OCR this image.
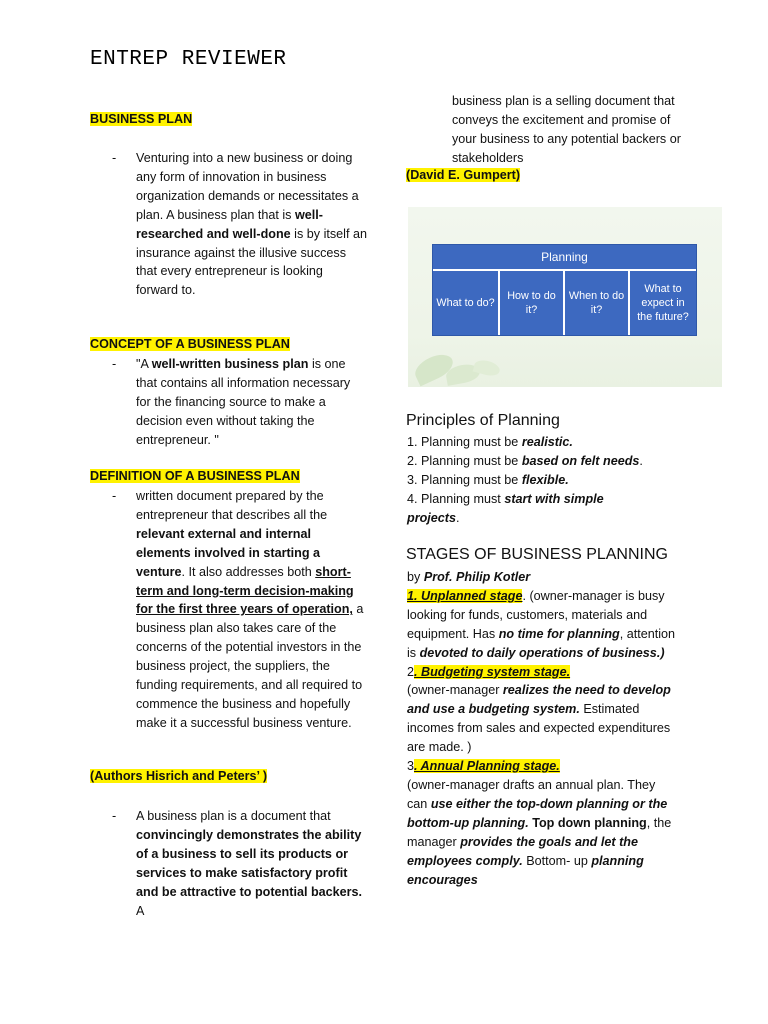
ENTREP REVIEWER
BUSINESS PLAN
- Venturing into a new business or doing any form of innovation in business organization demands or necessitates a plan. A business plan that is well-researched and well-done is by itself an insurance against the illusive success that every entrepreneur is looking forward to.
CONCEPT OF A BUSINESS PLAN
- "A well-written business plan is one that contains all information necessary for the financing source to make a decision even without taking the entrepreneur. "
DEFINITION OF A BUSINESS PLAN
- written document prepared by the entrepreneur that describes all the relevant external and internal elements involved in starting a venture. It also addresses both short-term and long-term decision-making for the first three years of operation, a business plan also takes care of the concerns of the potential investors in the business project, the suppliers, the funding requirements, and all required to commence the business and hopefully make it a successful business venture.
(Authors Hisrich and Peters’ )
- A business plan is a document that convincingly demonstrates the ability of a business to sell its products or services to make satisfactory profit and be attractive to potential backers. A
business plan is a selling document that conveys the excitement and promise of your business to any potential backers or stakeholders
(David E. Gumpert)
Planning
What to do?
How to do it?
When to do it?
What to expect in the future?
Principles of Planning
1. Planning must be realistic.
2. Planning must be based on felt needs.
3. Planning must be flexible.
4. Planning must start with simple projects.
STAGES OF BUSINESS PLANNING
by Prof. Philip Kotler
1. Unplanned stage. (owner-manager is busy looking for funds, customers, materials and equipment. Has no time for planning, attention is devoted to daily operations of business.)
2. Budgeting system stage.
(owner-manager realizes the need to develop and use a budgeting system. Estimated incomes from sales and expected expenditures are made. )
3. Annual Planning stage.
(owner-manager drafts an annual plan. They can use either the top-down planning or the bottom-up planning. Top down planning, the manager provides the goals and let the employees comply. Bottom- up planning encourages
